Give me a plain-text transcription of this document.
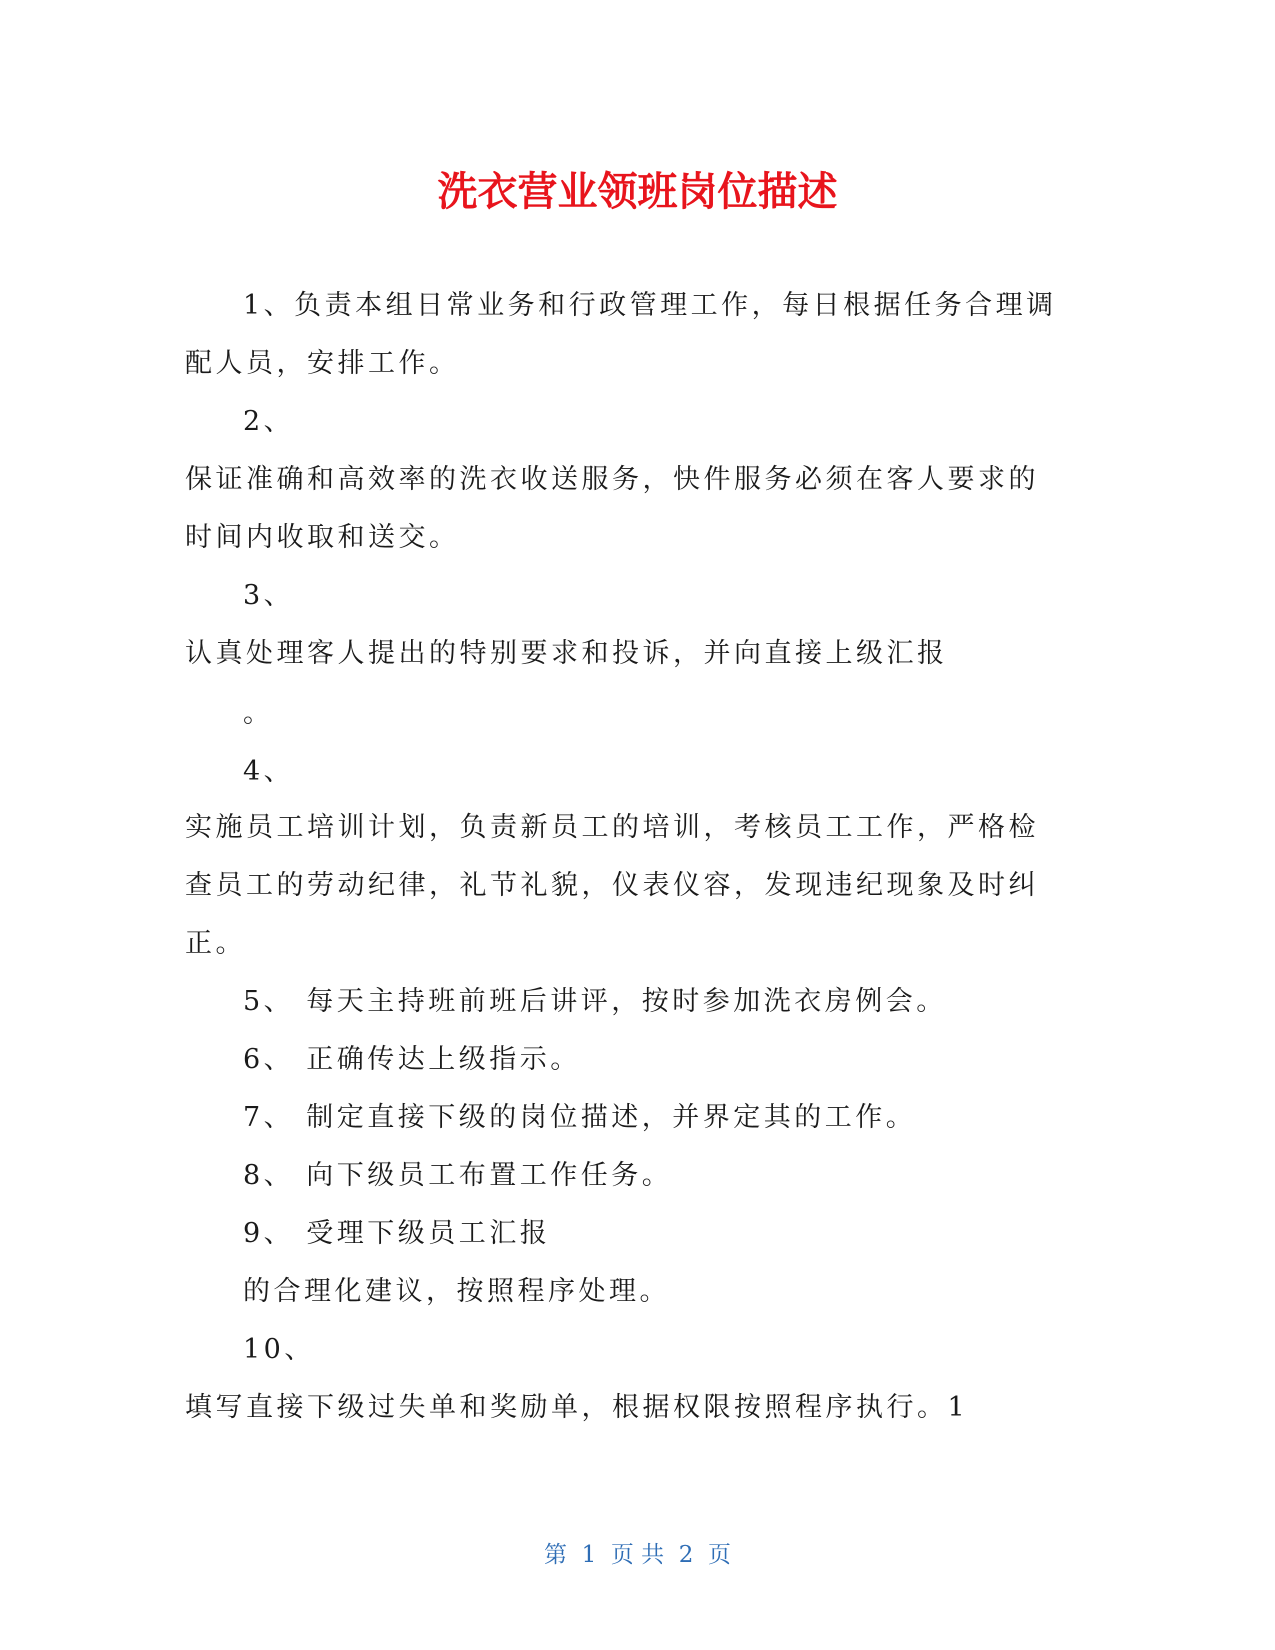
洗衣营业领班岗位描述
1、负责本组日常业务和行政管理工作，每日根据任务合理调
配人员，安排工作。
2、
保证准确和高效率的洗衣收送服务，快件服务必须在客人要求的
时间内收取和送交。
3、
认真处理客人提出的特别要求和投诉，并向直接上级汇报
。
4、
实施员工培训计划，负责新员工的培训，考核员工工作，严格检
查员工的劳动纪律，礼节礼貌，仪表仪容，发现违纪现象及时纠
正。
5、 每天主持班前班后讲评，按时参加洗衣房例会。
6、 正确传达上级指示。
7、 制定直接下级的岗位描述，并界定其的工作。
8、 向下级员工布置工作任务。
9、 受理下级员工汇报
的合理化建议，按照程序处理。
10、
填写直接下级过失单和奖励单，根据权限按照程序执行。1
第 1 页 共 2 页
